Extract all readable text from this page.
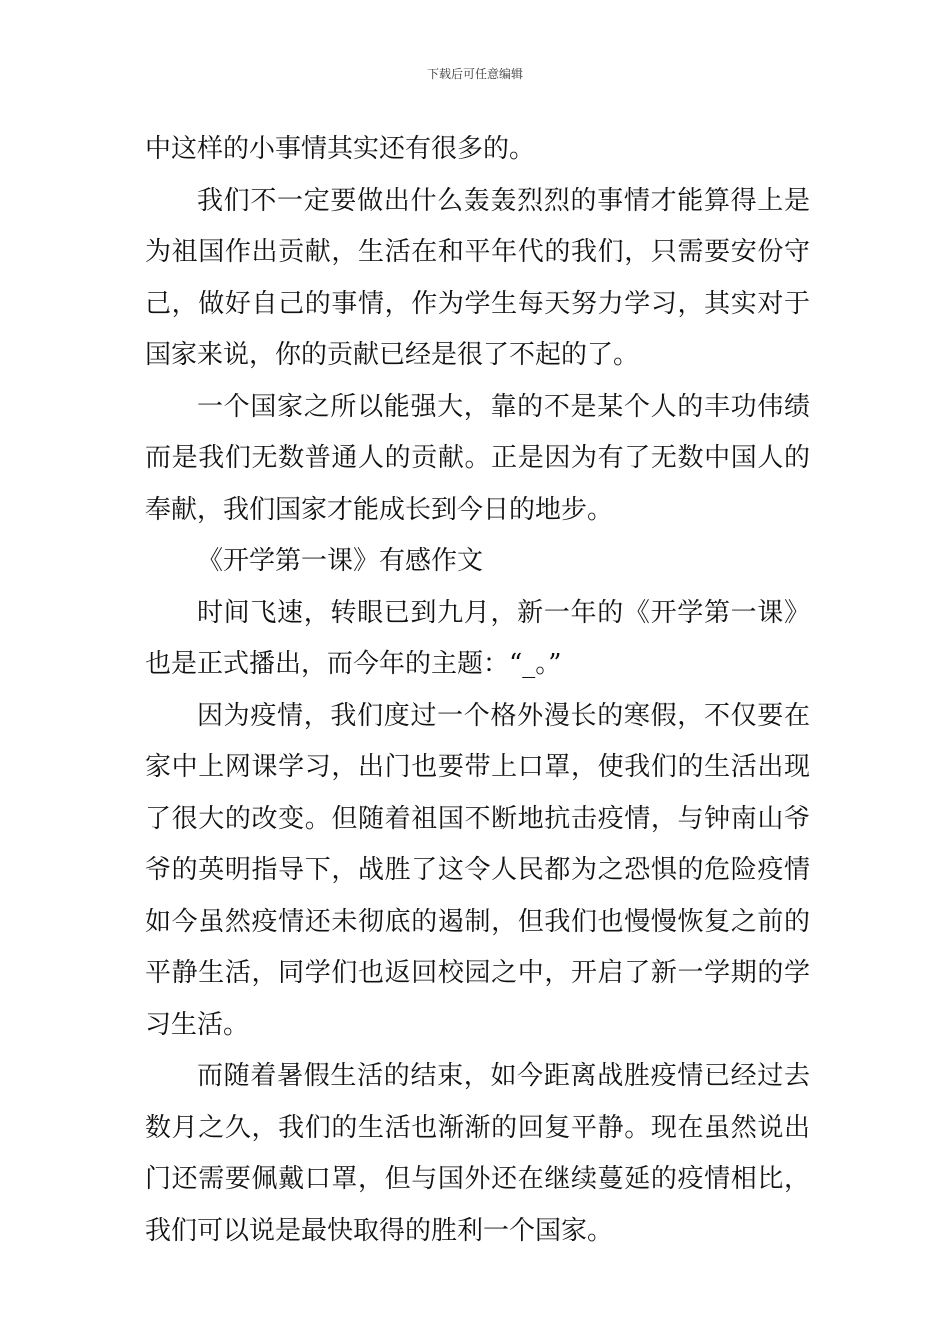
下载后可任意编辑

中这样的小事情其实还有很多的。

我们不一定要做出什么轰轰烈烈的事情才能算得上是为祖国作出贡献，生活在和平年代的我们，只需要安份守己，做好自己的事情，作为学生每天努力学习，其实对于国家来说，你的贡献已经是很了不起的了。

一个国家之所以能强大，靠的不是某个人的丰功伟绩而是我们无数普通人的贡献。正是因为有了无数中国人的奉献，我们国家才能成长到今日的地步。

《开学第一课》有感作文

时间飞速，转眼已到九月，新一年的《开学第一课》也是正式播出，而今年的主题：“_。”

因为疫情，我们度过一个格外漫长的寒假，不仅要在家中上网课学习，出门也要带上口罩，使我们的生活出现了很大的改变。但随着祖国不断地抗击疫情，与钟南山爷爷的英明指导下，战胜了这令人民都为之恐惧的危险疫情如今虽然疫情还未彻底的遏制，但我们也慢慢恢复之前的平静生活，同学们也返回校园之中，开启了新一学期的学习生活。

而随着暑假生活的结束，如今距离战胜疫情已经过去数月之久，我们的生活也渐渐的回复平静。现在虽然说出门还需要佩戴口罩，但与国外还在继续蔓延的疫情相比，我们可以说是最快取得的胜利一个国家。
